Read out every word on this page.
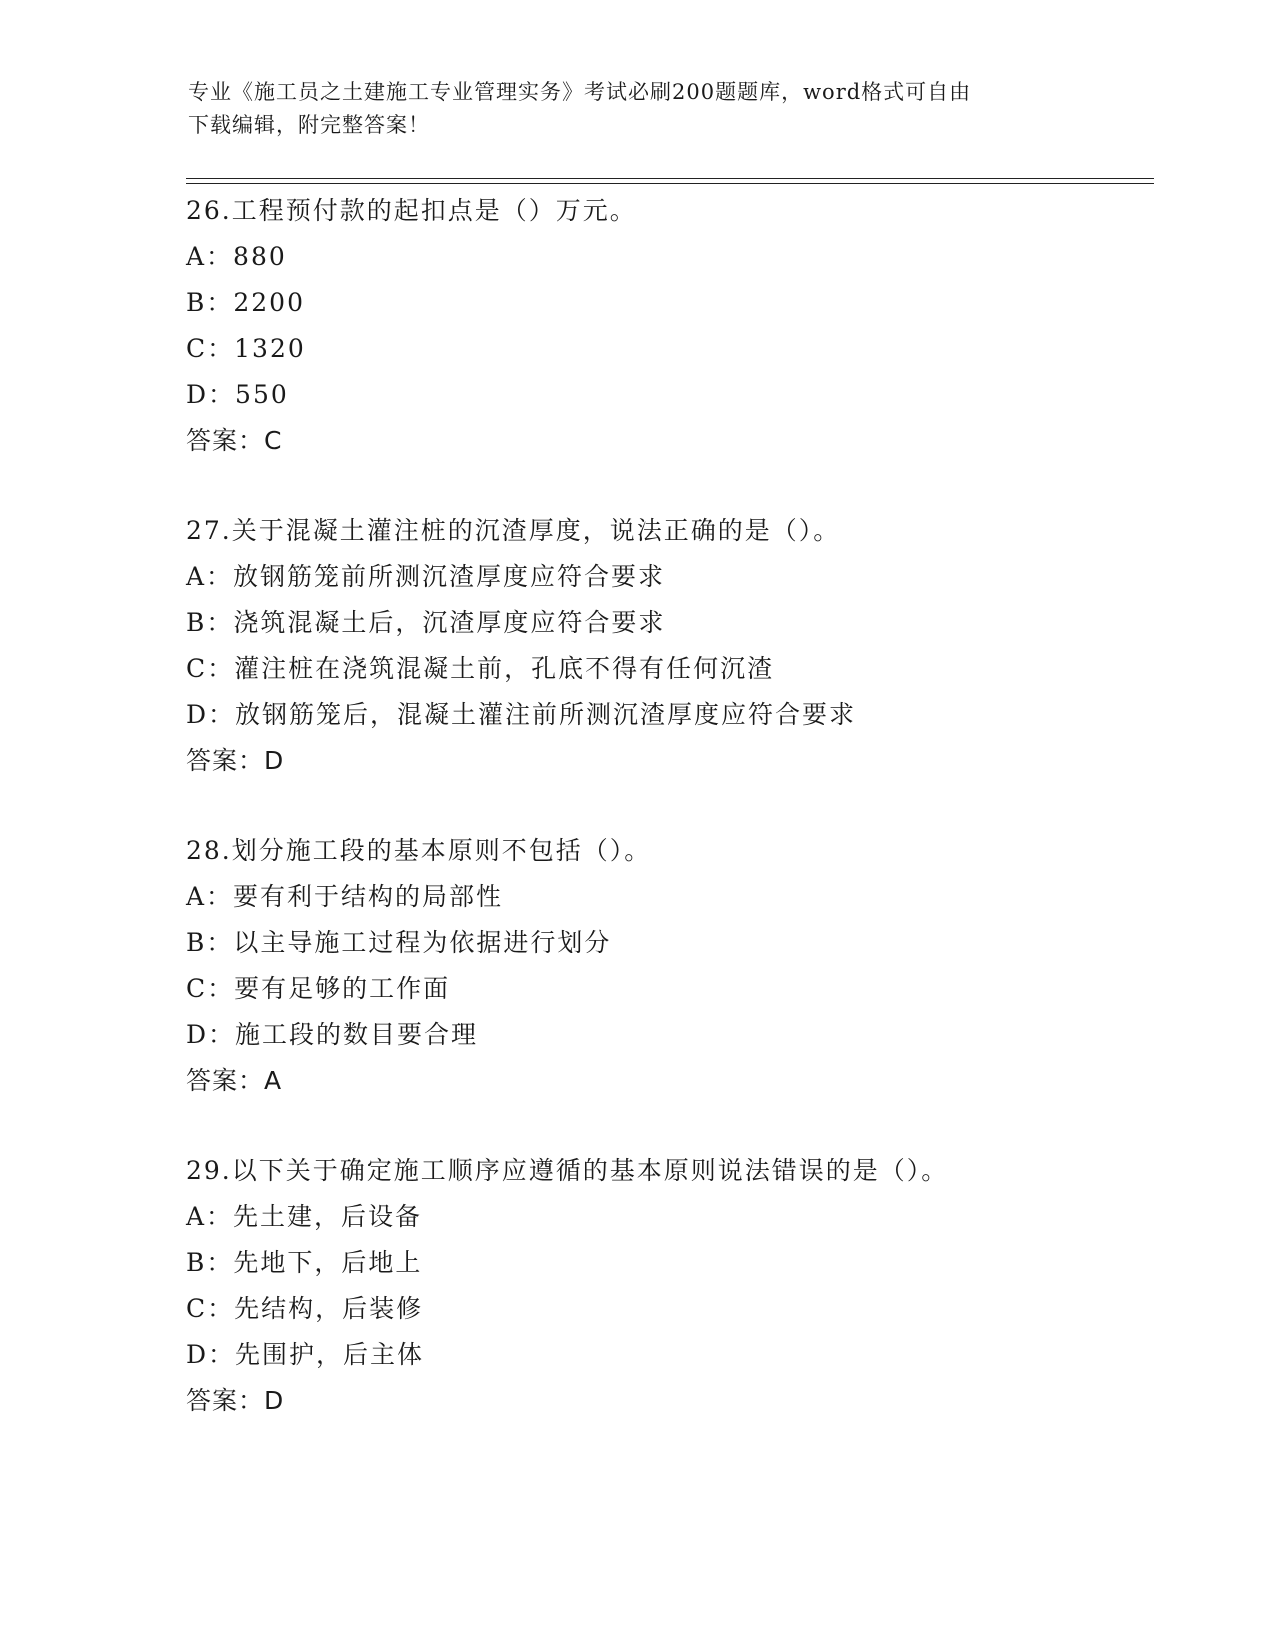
专业《施工员之土建施工专业管理实务》考试必刷200题题库，word格式可自由
下载编辑，附完整答案！
26.工程预付款的起扣点是（）万元。
A：880
B：2200
C：1320
D：550
答案：C
27.关于混凝土灌注桩的沉渣厚度，说法正确的是（）。
A：放钢筋笼前所测沉渣厚度应符合要求
B：浇筑混凝土后，沉渣厚度应符合要求
C：灌注桩在浇筑混凝土前，孔底不得有任何沉渣
D：放钢筋笼后，混凝土灌注前所测沉渣厚度应符合要求
答案：D
28.划分施工段的基本原则不包括（）。
A：要有利于结构的局部性
B：以主导施工过程为依据进行划分
C：要有足够的工作面
D：施工段的数目要合理
答案：A
29.以下关于确定施工顺序应遵循的基本原则说法错误的是（）。
A：先土建，后设备
B：先地下，后地上
C：先结构，后装修
D：先围护，后主体
答案：D
